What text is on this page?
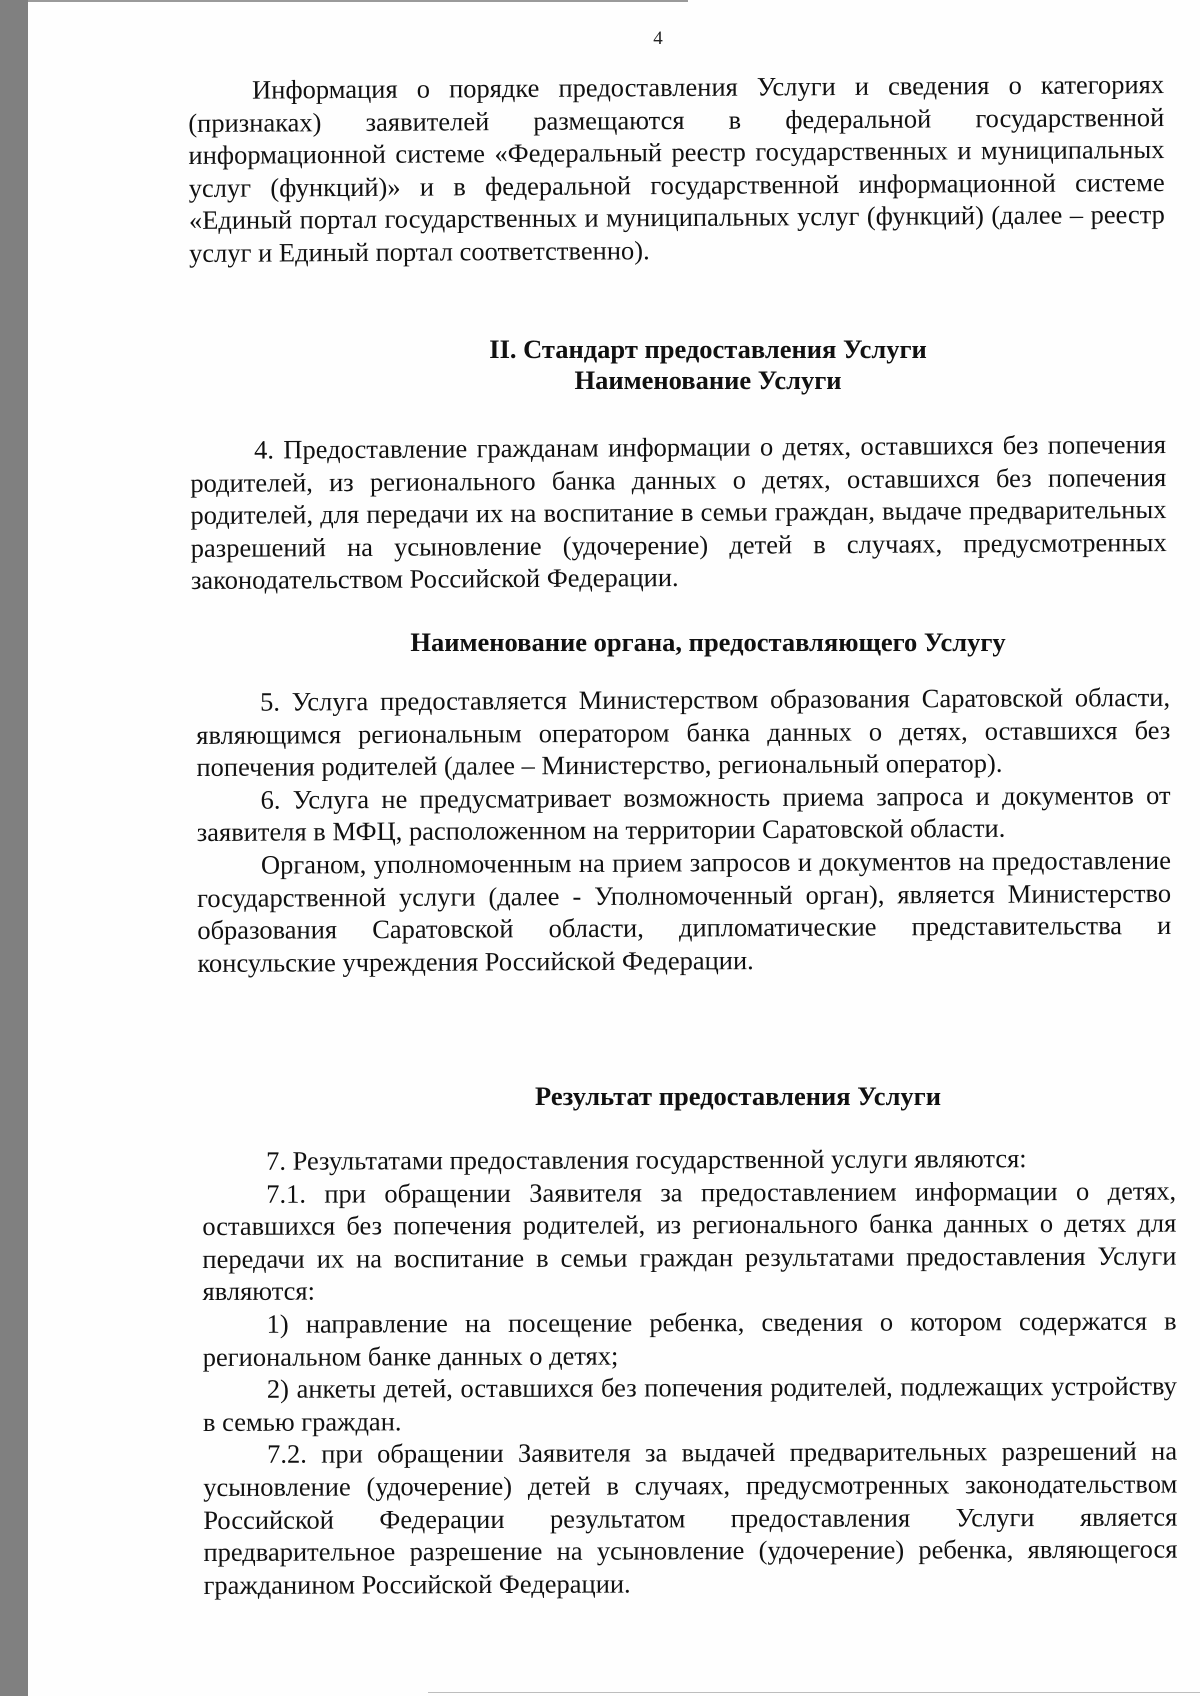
4

Информация о порядке предоставления Услуги и сведения о категориях (признаках) заявителей размещаются в федеральной государственной информационной системе «Федеральный реестр государственных и муниципальных услуг (функций)» и в федеральной государственной информационной системе «Единый портал государственных и муниципальных услуг (функций) (далее – реестр услуг и Единый портал соответственно).

II. Стандарт предоставления Услуги
Наименование Услуги

4. Предоставление гражданам информации о детях, оставшихся без попечения родителей, из регионального банка данных о детях, оставшихся без попечения родителей, для передачи их на воспитание в семьи граждан, выдаче предварительных разрешений на усыновление (удочерение) детей в случаях, предусмотренных законодательством Российской Федерации.

Наименование органа, предоставляющего Услугу

5. Услуга предоставляется Министерством образования Саратовской области, являющимся региональным оператором банка данных о детях, оставшихся без попечения родителей (далее – Министерство, региональный оператор).

6. Услуга не предусматривает возможность приема запроса и документов от заявителя в МФЦ, расположенном на территории Саратовской области.

Органом, уполномоченным на прием запросов и документов на предоставление государственной услуги (далее - Уполномоченный орган), является Министерство образования Саратовской области, дипломатические представительства и консульские учреждения Российской Федерации.

Результат предоставления Услуги

7. Результатами предоставления государственной услуги являются:

7.1. при обращении Заявителя за предоставлением информации о детях, оставшихся без попечения родителей, из регионального банка данных о детях для передачи их на воспитание в семьи граждан результатами предоставления Услуги являются:

1) направление на посещение ребенка, сведения о котором содержатся в региональном банке данных о детях;

2) анкеты детей, оставшихся без попечения родителей, подлежащих устройству в семью граждан.

7.2. при обращении Заявителя за выдачей предварительных разрешений на усыновление (удочерение) детей в случаях, предусмотренных законодательством Российской Федерации результатом предоставления Услуги является предварительное разрешение на усыновление (удочерение) ребенка, являющегося гражданином Российской Федерации.
